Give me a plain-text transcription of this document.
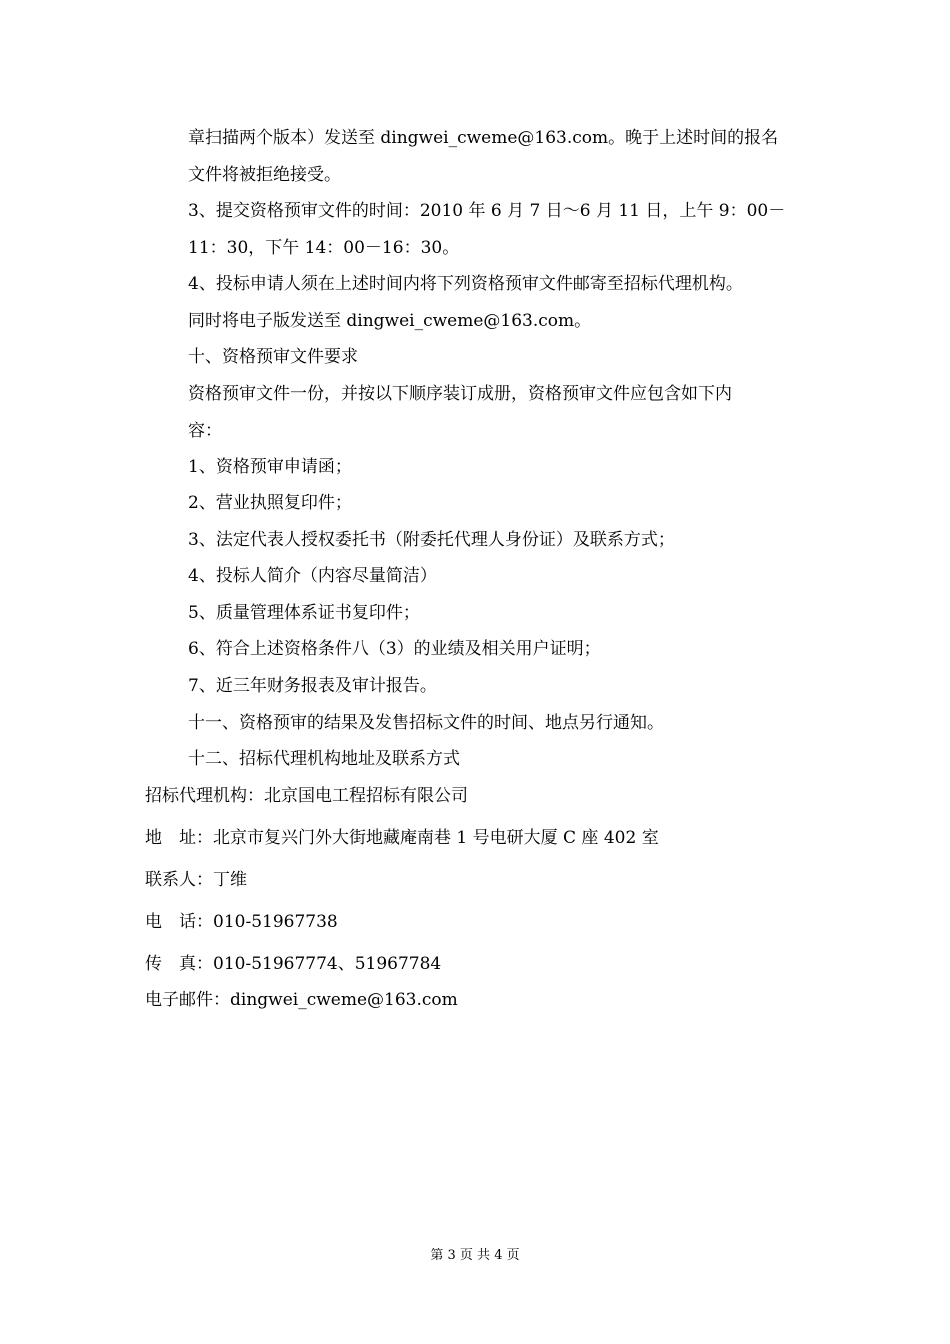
章扫描两个版本）发送至 dingwei_cweme@163.com。晚于上述时间的报名

文件将被拒绝接受。

3、提交资格预审文件的时间：2010 年 6 月 7 日～6 月 11 日，上午 9：00－

11：30，下午 14：00－16：30。

4、投标申请人须在上述时间内将下列资格预审文件邮寄至招标代理机构。

同时将电子版发送至 dingwei_cweme@163.com。

十、资格预审文件要求

资格预审文件一份，并按以下顺序装订成册，资格预审文件应包含如下内

容：

1、资格预审申请函；

2、营业执照复印件；

3、法定代表人授权委托书（附委托代理人身份证）及联系方式；

4、投标人简介（内容尽量简洁）

5、质量管理体系证书复印件；

6、符合上述资格条件八（3）的业绩及相关用户证明；

7、近三年财务报表及审计报告。

十一、资格预审的结果及发售招标文件的时间、地点另行通知。

十二、招标代理机构地址及联系方式

招标代理机构：北京国电工程招标有限公司

地　址：北京市复兴门外大街地藏庵南巷 1 号电研大厦 C 座 402 室

联系人：丁维

电　话：010-51967738

传　真：010-51967774、51967784

电子邮件：dingwei_cweme@163.com

第 3 页 共 4 页
